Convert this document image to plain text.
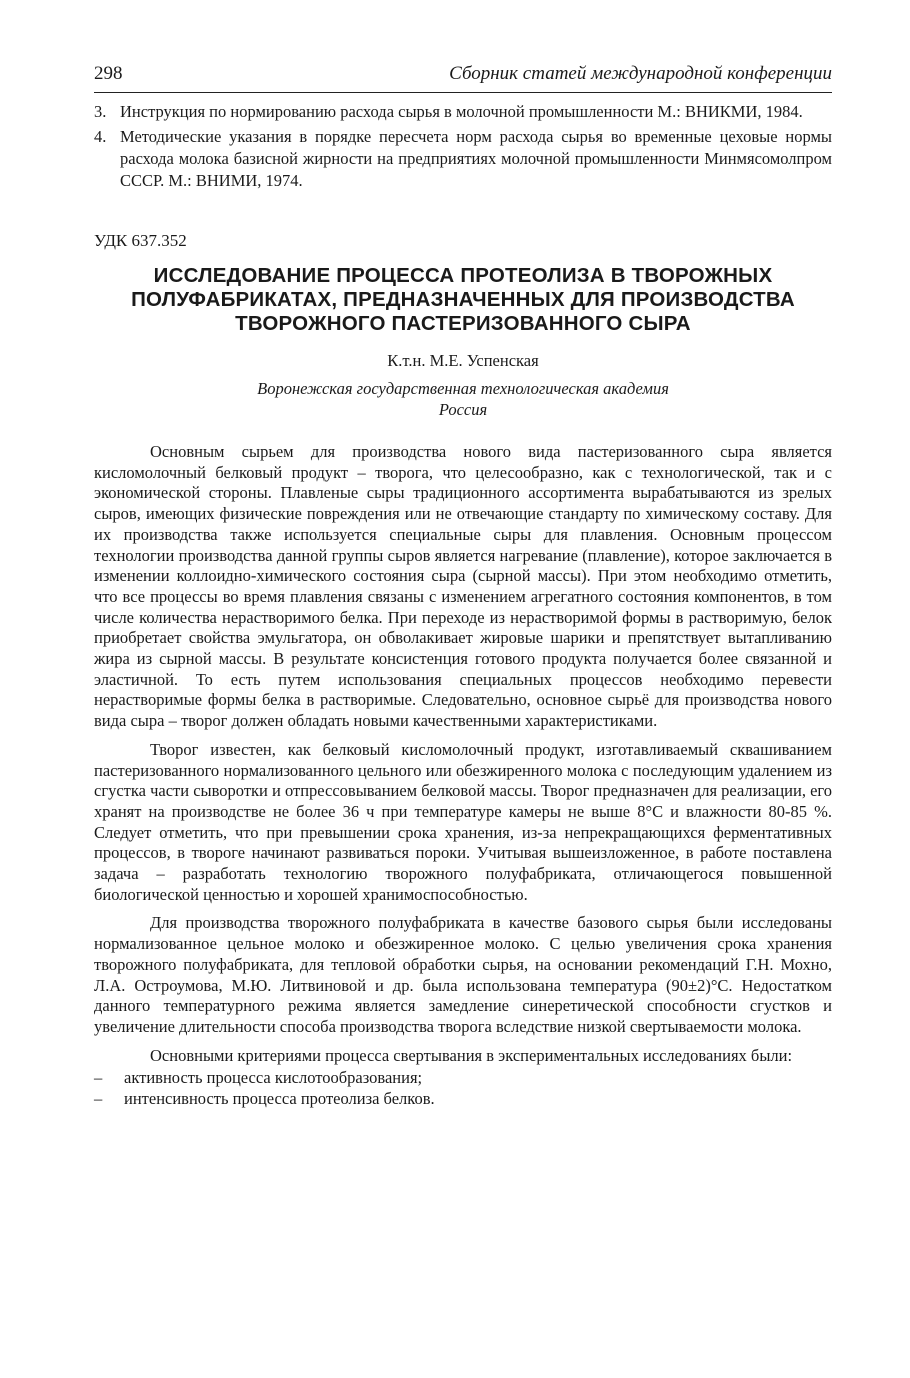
298	Сборник статей международной конференции
3. Инструкция по нормированию расхода сырья в молочной промышленности М.: ВНИКМИ, 1984.
4. Методические указания в порядке пересчета норм расхода сырья во временные цеховые нормы расхода молока базисной жирности на предприятиях молочной промышленности Минмясомолпром СССР. М.: ВНИМИ, 1974.
УДК 637.352
ИССЛЕДОВАНИЕ ПРОЦЕССА ПРОТЕОЛИЗА В ТВОРОЖНЫХ ПОЛУФАБРИКАТАХ, ПРЕДНАЗНАЧЕННЫХ ДЛЯ ПРОИЗВОДСТВА ТВОРОЖНОГО ПАСТЕРИЗОВАННОГО СЫРА
К.т.н. М.Е. Успенская
Воронежская государственная технологическая академия
Россия

Основным сырьем для производства нового вида пастеризованного сыра является кисломолочный белковый продукт – творога, что целесообразно, как с технологической, так и с экономической стороны. Плавленые сыры традиционного ассортимента вырабатываются из зрелых сыров, имеющих физические повреждения или не отвечающие стандарту по химическому составу. Для их производства также используется специальные сыры для плавления. Основным процессом технологии производства данной группы сыров является нагревание (плавление), которое заключается в изменении коллоидно-химического состояния сыра (сырной массы). При этом необходимо отметить, что все процессы во время плавления связаны с изменением агрегатного состояния компонентов, в том числе количества нерастворимого белка. При переходе из нерастворимой формы в растворимую, белок приобретает свойства эмульгатора, он обволакивает жировые шарики и препятствует вытапливанию жира из сырной массы. В результате консистенция готового продукта получается более связанной и эластичной. То есть путем использования специальных процессов необходимо перевести нерастворимые формы белка в растворимые. Следовательно, основное сырьё для производства нового вида сыра – творог должен обладать новыми качественными характеристиками.

Творог известен, как белковый кисломолочный продукт, изготавливаемый сквашиванием пастеризованного нормализованного цельного или обезжиренного молока с последующим удалением из сгустка части сыворотки и отпрессовыванием белковой массы. Творог предназначен для реализации, его хранят на производстве не более 36 ч при температуре камеры не выше 8°С и влажности 80-85 %. Следует отметить, что при превышении срока хранения, из-за непрекращающихся ферментативных процессов, в твороге начинают развиваться пороки. Учитывая вышеизложенное, в работе поставлена задача – разработать технологию творожного полуфабриката, отличающегося повышенной биологической ценностью и хорошей хранимоспособностью.

Для производства творожного полуфабриката в качестве базового сырья были исследованы нормализованное цельное молоко и обезжиренное молоко. С целью увеличения срока хранения творожного полуфабриката, для тепловой обработки сырья, на основании рекомендаций Г.Н. Мохно, Л.А. Остроумова, М.Ю. Литвиновой и др. была использована температура (90±2)°С. Недостатком данного температурного режима является замедление синеретической способности сгустков и увеличение длительности способа производства творога вследствие низкой свертываемости молока.

Основными критериями процесса свертывания в экспериментальных исследованиях были:

–	активность процесса кислотообразования;
–	интенсивность процесса протеолиза белков.
